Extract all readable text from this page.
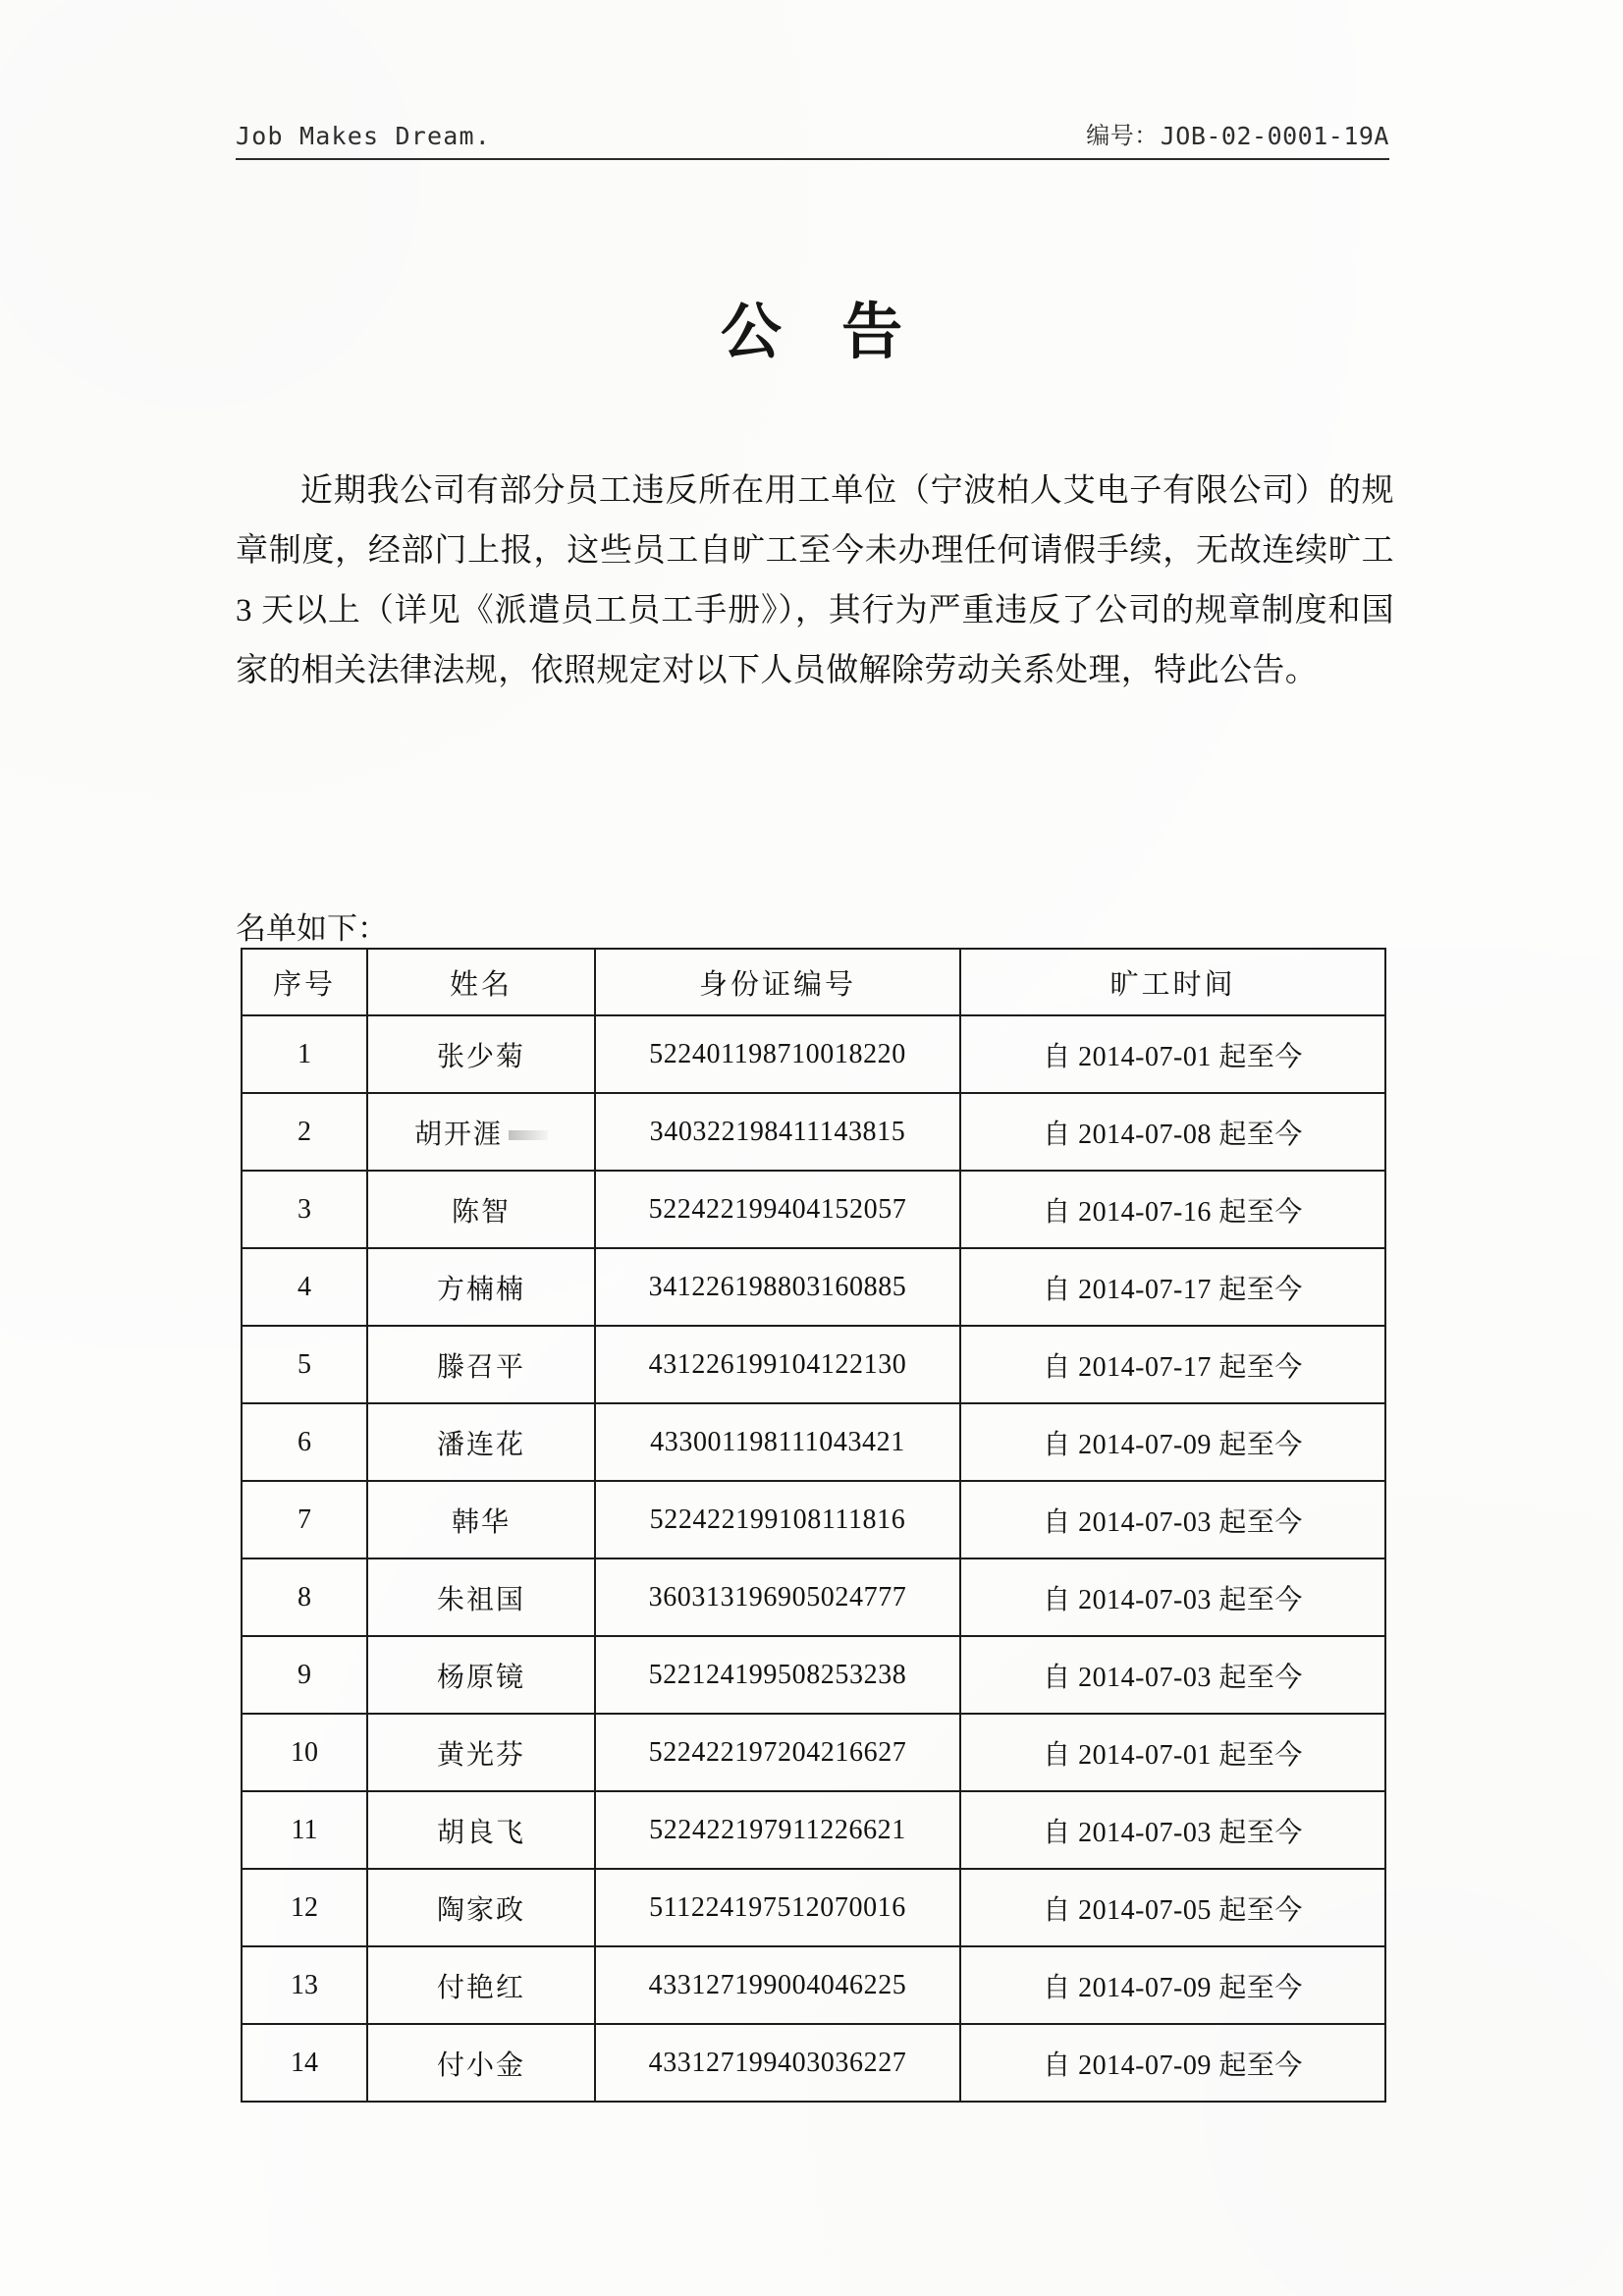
Job Makes Dream.	编号： JOB-02-0001-19A
公 告

近期我公司有部分员工违反所在用工单位（宁波柏人艾电子有限公司）的规章制度，经部门上报，这些员工自旷工至今未办理任何请假手续，无故连续旷工 3 天以上（详见《派遣员工员工手册》），其行为严重违反了公司的规章制度和国家的相关法律法规，依照规定对以下人员做解除劳动关系处理，特此公告。

名单如下：
序号	姓名	身份证编号	旷工时间
1	张少菊	522401198710018220	自 2014-07-01 起至今
2	胡开涯	340322198411143815	自 2014-07-08 起至今
3	陈智	522422199404152057	自 2014-07-16 起至今
4	方楠楠	341226198803160885	自 2014-07-17 起至今
5	滕召平	431226199104122130	自 2014-07-17 起至今
6	潘连花	433001198111043421	自 2014-07-09 起至今
7	韩华	522422199108111816	自 2014-07-03 起至今
8	朱祖国	360313196905024777	自 2014-07-03 起至今
9	杨原镜	522124199508253238	自 2014-07-03 起至今
10	黄光芬	522422197204216627	自 2014-07-01 起至今
11	胡良飞	522422197911226621	自 2014-07-03 起至今
12	陶家政	511224197512070016	自 2014-07-05 起至今
13	付艳红	433127199004046225	自 2014-07-09 起至今
14	付小金	433127199403036227	自 2014-07-09 起至今
